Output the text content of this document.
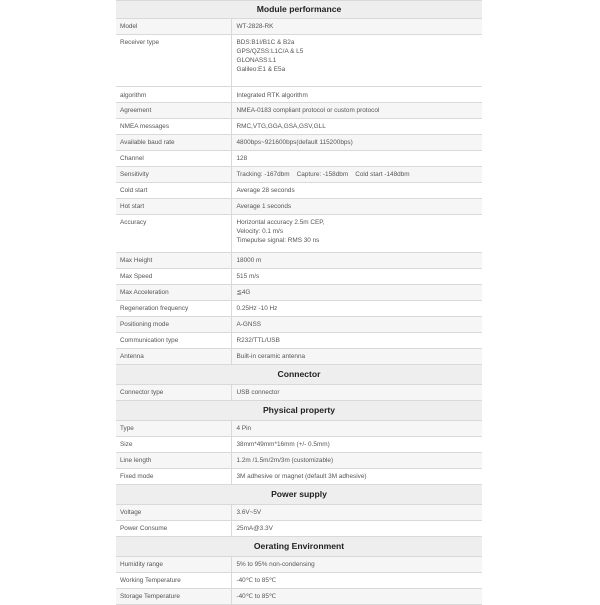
Module performance	
Model	WT-2828-RK
Receiver type	BDS:B1I/B1C & B2a
GPS/QZSS:L1C/A & L5
GLONASS:L1
Galileo:E1 & E5a

algorithm	Integrated RTK algorithm
Agreement	NMEA-0183 compliant protocol or custom protocol
NMEA messages	RMC,VTG,GGA,GSA,GSV,GLL
Available baud rate	4800bps~921600bps(default 115200bps)
Channel	128
Sensitivity	Tracking: -167dbm    Capture: -158dbm    Cold start -148dbm
Cold start	Average 28 seconds
Hot start	Average 1 seconds
Accuracy	Horizontal accuracy 2.5m CEP,
Velocity: 0.1 m/s
Timepulse signal: RMS 30 ns

Max Height	18000 m
Max Speed	515 m/s
Max Acceleration	≦4G
Regeneration frequency	0.25Hz -10 Hz
Positioning mode	A-GNSS
Communication type	R232/TTL/USB
Antenna	Built-in ceramic antenna
Connector	
Connector type	USB connector
Physical property	
Type	4 Pin
Size	38mm*49mm*16mm (+/- 0.5mm)
Line length	1.2m /1.5m/2m/3m (customizable)
Fixed mode	3M adhesive or magnet (default 3M adhesive)
Power supply	
Voltage	3.6V~5V
Power Consume	25mA@3.3V
Oerating Environment	
Humidity range	5% to 95% non-condensing
Working Temperature	-40℃ to 85℃
Storage Temperature	-40℃ to 85℃
